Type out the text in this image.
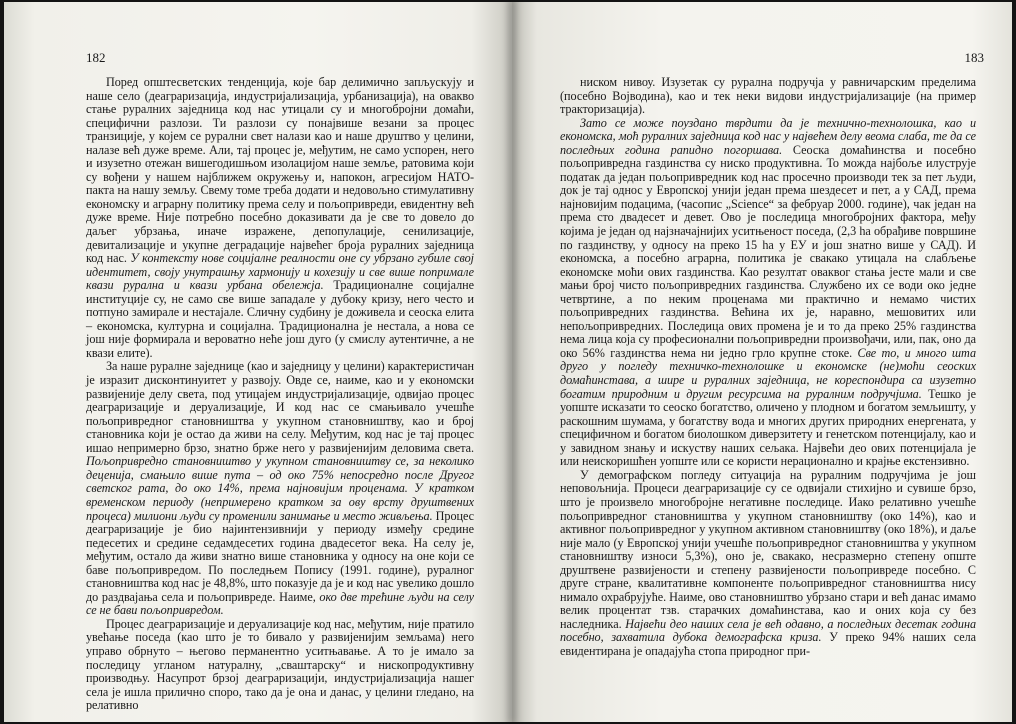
182

Поред општесветских тенденција, које бар делимично запљускују и наше село (деаграризација, индустријализација, урбанизација), на овакво стање руралних заједница код нас утицали су и многобројни домаћи, специфични разлози. Ти разлози су понајвише везани за процес транзиције, у коjем се рурални свет налази као и наше друштво у целини, налазе већ дуже време. Али, тај процес је, међутим, не само успорен, него и изузетно отежан вишегодишњом изолацијом наше земље, ратовима који су вођени у нашем најближем окружењу и, напокон, агресијом НАТО-пакта на нашу земљу. Свему томе треба додати и недовољно стимулативну економску и аграрну политику према селу и пољопривреди, евидентну већ дуже време. Није потребно посебно доказивати да је све то довело до даљег убрзања, иначе изражене, депопулације, сенилизације, девитализације и укупне деградације највећег броја руралних заједница код нас. У контексту нове социјалне реалности оне су убрзано губиле свој идентитет, своју унутрашњу хармонију и кохезију и све више попримале квази рурална и квази урбана обележја. Традиционалне социјалне институције су, не само све више западале у дубоку кризу, него често и потпуно замирале и нестајале. Сличну судбину је доживела и сеоска елита – економска, културна и социјална. Традиционална је нестала, а нова се још није формирала и вероватно неће још дуго (у смислу аутентичне, а не квази елите).

За наше руралне заједнице (као и заједницу у целини) карактеристичан је изразит дисконтинуитет у развоју. Овде се, наиме, као и у економски развијеније делу света, под утицајем индустријализације, одвијао процес деаграризације и деруализације, И код нас се смањивало учешће пољопривредног становништва у укупном становништву, као и број становника који је остао да живи на селу. Међутим, код нас је тај процес ишао непримерно брзо, знатно брже него у развијенијим деловима света. Пољопривредно становништво у укупном становништву се, за неколико деценија, смањило више пута – од око 75% непосредно после Другог светског рата, до око 14%, према најновијим проценама. У кратком временском периоду (непримерено кратком за ову врсту друштвених процеса) милиони људи су променили занимање и место живљења. Процес деаграризације је био најинтензивнији у периоду између средине педесетих и средине седамдесетих година двадесетог века. На селу је, међутим, остало да живи знатно више становника у односу на оне који се баве пољопривредом. По последњем Попису (1991. године), руралног становништва код нас је 48,8%, што показује да је и код нас увелико дошло до раздвајања села и пољопривреде. Наиме, око две трећине људи на селу се не бави пољопривредом.

Процес деаграризације и деруализације код нас, међутим, није пратило увећање поседа (као што је то бивало у развијенијим земљама) него управо обрнуто – његово перманентно уситњавање. А то је имало за последицу угланом натуралну, „сваштарску“ и нископродуктивну производњу. Насупрот брзој деаграризацији, индустријализација нашег села је ишла прилично споро, тако да је она и данас, у целини гледано, на релативно

183

ниском нивоу. Изузетак су рурална подручја у равничарским пределима (посебно Војводина), као и тек неки видови индустријализације (на пример тракторизација).

Затo се може поуздано тврдити да је технично-технолошка, као и економска, моћ руралних заједница код нас у највећем делу веома слаба, те да се последњих година рапидно погоршава. Сеоска домаћинства и посебно пољопривредна газдинства су ниско продуктивна. То можда најбоље илуструје податак да један пољопривредник код нас просечно производи тек за пет људи, док је тај однос у Европској унији један према шездесет и пет, а у САД, према најновијим подацима, (часопис „Science“ за фебруар 2000. године), чак један на према сто двадесет и девет. Ово је последица многобројних фактора, међу којима је један од најзначајнијих уситњеност поседа, (2,3 ha обрађиве површине по газдинству, у односу на преко 15 ha у ЕУ и још знатно више у САД). И економска, а посебно аграрна, политика је свакако утицала на слабљење економске моћи ових газдинства. Као резултат оваквог стања јесте мали и све мањи број чисто пољопривредних газдинства. Службено их се води око једне четвртине, а по неким проценама ми практично и немамо чистих пољопривредних газдинства. Већина их је, наравно, мешовитих или непољопривредних. Последица ових промена је и то да преко 25% газдинства нема лица која су професионални пољопривредни произвођачи, или, пак, оно да око 56% газдинства нема ни једно грло крупне стоке. Све то, и много шта друго у погледу техничко-технолошке и економске (не)моћи сеоских домаћинстава, а шире и руралних заједница, не кореспондира са изузетно богатим природним и другим ресурсима на руралним подручјима. Тешко је уопште исказати то сеоско богатство, оличено у плодном и богатом земљишту, у раскошним шумама, у богатству вода и многих других природних енергената, у специфичном и богатом биолошком диверзитету и генетском потенцијалу, као и у завидном знању и искуству наших сељака. Највећи део ових потенцијала је или неискоришћен уопште или се користи нерационално и крајње екстензивно.

У демографском погледу ситуација на руралним подручјима је још неповољнија. Процеси деаграризације су се одвијали стихијно и сувише брзо, што је произвело многобројне негативне последице. Иако релативно учешће пољопривредног становништва у укупном становништву (око 14%), као и активног пољопривредног у укупном активном становништву (око 18%), и даље није мало (у Европској унији учешће пољопривредног становништва у укупном становништву износи 5,3%), оно је, свакако, несразмерно степену опште друштвене развијености и степену развијености пољопривреде посебно. С друге стране, квалитативне компоненте пољопривредног становништва нису нимало охрабрујуће. Наиме, ово становништво убрзано стари и већ данас имамо велик процентат тзв. старачких домаћинстава, као и оних која су без наследника. Највећи део наших села је већ одавно, а последњих десетак година посебно, захватила дубока демографска криза. У преко 94% наших села евидентирана је опадајућа стопа природног при-
